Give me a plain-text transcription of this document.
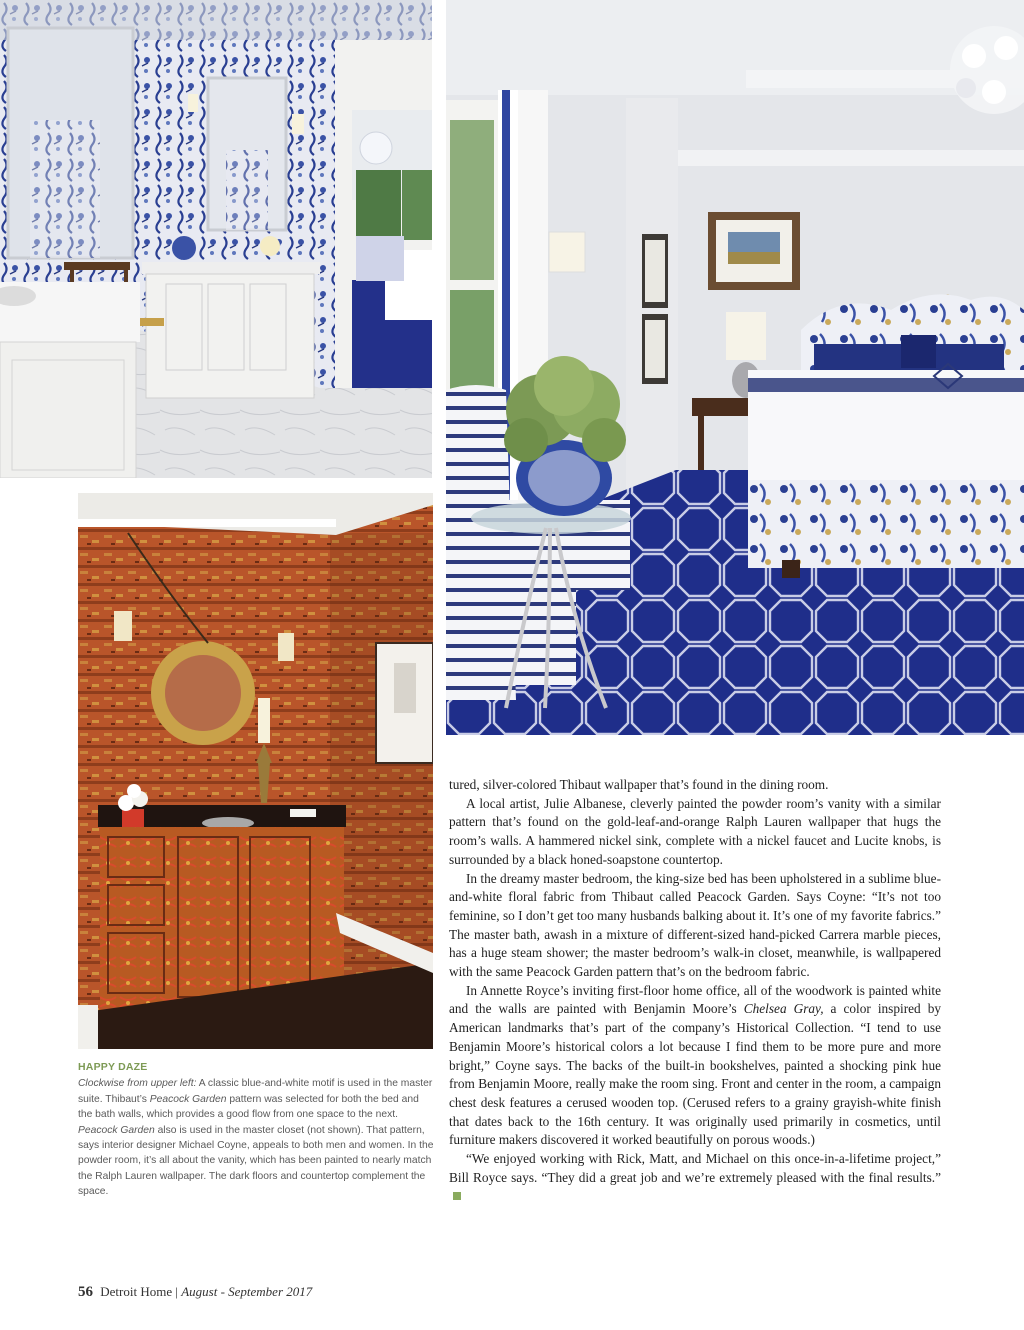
HAPPY DAZE
Clockwise from upper left: A classic blue-and-white motif is used in the master suite. Thibaut’s Peacock Garden pattern was selected for both the bed and the bath walls, which provides a good flow from one space to the next. Peacock Garden also is used in the master closet (not shown). That pattern, says interior designer Michael Coyne, appeals to both men and women. In the powder room, it’s all about the vanity, which has been painted to nearly match the Ralph Lauren wallpaper. The dark floors and countertop complement the space.

tured, silver-colored Thibaut wallpaper that’s found in the dining room.

A local artist, Julie Albanese, cleverly painted the powder room’s vanity with a similar pattern that’s found on the gold-leaf-and-orange Ralph Lauren wallpaper that hugs the room’s walls. A hammered nickel sink, complete with a nickel faucet and Lucite knobs, is surrounded by a black honed-soapstone countertop.

In the dreamy master bedroom, the king-size bed has been upholstered in a sublime blue-and-white floral fabric from Thibaut called Peacock Garden. Says Coyne: “It’s not too feminine, so I don’t get too many husbands balking about it. It’s one of my favorite fabrics.” The master bath, awash in a mixture of different-sized hand-picked Carrera marble pieces, has a huge steam shower; the master bedroom’s walk-in closet, meanwhile, is wallpapered with the same Peacock Garden pattern that’s on the bedroom fabric.

In Annette Royce’s inviting first-floor home office, all of the woodwork is painted white and the walls are painted with Benjamin Moore’s Chelsea Gray, a color inspired by American landmarks that’s part of the company’s Historical Collection. “I tend to use Benjamin Moore’s historical colors a lot because I find them to be more pure and more bright,” Coyne says. The backs of the built-in bookshelves, painted a shocking pink hue from Benjamin Moore, really make the room sing. Front and center in the room, a campaign chest desk features a cerused wooden top. (Cerused refers to a grainy grayish-white finish that dates back to the 16th century. It was originally used primarily in cosmetics, until furniture makers discovered it worked beautifully on porous woods.)

“We enjoyed working with Rick, Matt, and Michael on this once-in-a-lifetime project,” Bill Royce says. “They did a great job and we’re extremely pleased with the final results.”

56 Detroit Home | August - September 2017
